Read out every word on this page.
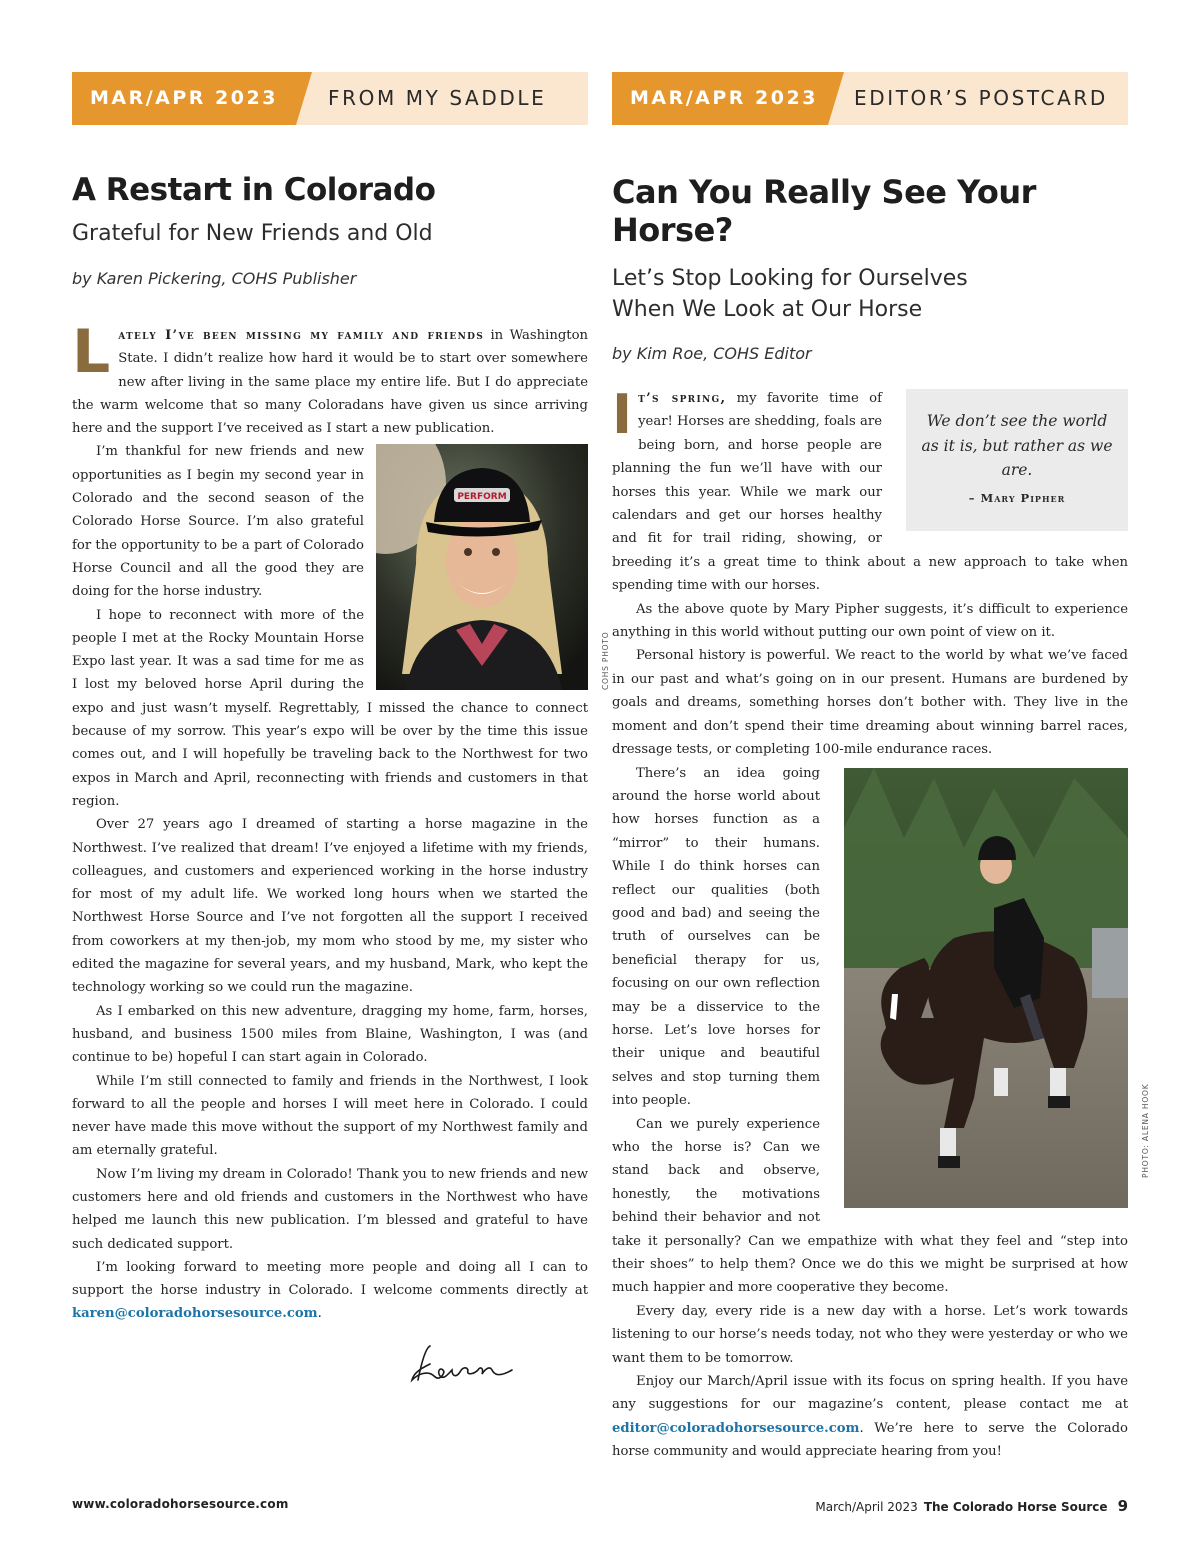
MAR/APR 2023	FROM MY SADDLE
A Restart in Colorado
Grateful for New Friends and Old
by Karen Pickering, COHS Publisher

Lately I’ve been missing my family and friends in Washington State. I didn’t realize how hard it would be to start over somewhere new after living in the same place my entire life. But I do appreciate the warm welcome that so many Coloradans have given us since arriving here and the support I’ve received as I start a new publication.

PERFORM
COHS PHOTO

I’m thankful for new friends and new opportunities as I begin my second year in Colorado and the second season of the Colorado Horse Source. I’m also grateful for the opportunity to be a part of Colorado Horse Council and all the good they are doing for the horse industry.

I hope to reconnect with more of the people I met at the Rocky Mountain Horse Expo last year. It was a sad time for me as I lost my beloved horse April during the expo and just wasn’t myself. Regrettably, I missed the chance to connect because of my sorrow. This year’s expo will be over by the time this issue comes out, and I will hopefully be traveling back to the Northwest for two expos in March and April, reconnecting with friends and customers in that region.

Over 27 years ago I dreamed of starting a horse magazine in the Northwest. I’ve realized that dream! I’ve enjoyed a lifetime with my friends, colleagues, and customers and experienced working in the horse industry for most of my adult life. We worked long hours when we started the Northwest Horse Source and I’ve not forgotten all the support I received from coworkers at my then-job, my mom who stood by me, my sister who edited the magazine for several years, and my husband, Mark, who kept the technology working so we could run the magazine.

As I embarked on this new adventure, dragging my home, farm, horses, husband, and business 1500 miles from Blaine, Washington, I was (and continue to be) hopeful I can start again in Colorado.

While I’m still connected to family and friends in the Northwest, I look forward to all the people and horses I will meet here in Colorado. I could never have made this move without the support of my Northwest family and am eternally grateful.

Now I’m living my dream in Colorado! Thank you to new friends and new customers here and old friends and customers in the Northwest who have helped me launch this new publication. I’m blessed and grateful to have such dedicated support.

I’m looking forward to meeting more people and doing all I can to support the horse industry in Colorado. I welcome comments directly at karen@coloradohorsesource.com.

MAR/APR 2023	EDITOR’S POSTCARD
Can You Really See Your Horse?
Let’s Stop Looking for Ourselves
When We Look at Our Horse
by Kim Roe, COHS Editor
We don’t see the world as it is, but rather as we are.
– Mary Pipher

It’s spring, my favorite time of year! Horses are shedding, foals are being born, and horse people are planning the fun we’ll have with our horses this year. While we mark our calendars and get our horses healthy and fit for trail riding, showing, or breeding it’s a great time to think about a new approach to take when spending time with our horses.

As the above quote by Mary Pipher suggests, it’s difficult to experience anything in this world without putting our own point of view on it.

Personal history is powerful. We react to the world by what we’ve faced in our past and what’s going on in our present. Humans are burdened by goals and dreams, something horses don’t bother with. They live in the moment and don’t spend their time dreaming about winning barrel races, dressage tests, or completing 100-mile endurance races.

PHOTO: ALENA HOOK

There’s an idea going around the horse world about how horses function as a “mirror” to their humans. While I do think horses can reflect our qualities (both good and bad) and seeing the truth of ourselves can be beneficial therapy for us, focusing on our own reflection may be a disservice to the horse. Let’s love horses for their unique and beautiful selves and stop turning them into people.

Can we purely experience who the horse is? Can we stand back and observe, honestly, the motivations behind their behavior and not take it personally? Can we empathize with what they feel and “step into their shoes” to help them? Once we do this we might be surprised at how much happier and more cooperative they become.

Every day, every ride is a new day with a horse. Let’s work towards listening to our horse’s needs today, not who they were yesterday or who we want them to be tomorrow.

Enjoy our March/April issue with its focus on spring health. If you have any suggestions for our magazine’s content, please contact me at editor@coloradohorsesource.com. We’re here to serve the Colorado horse community and would appreciate hearing from you!

www.coloradohorsesource.com	March/April 2023 The Colorado Horse Source 9
